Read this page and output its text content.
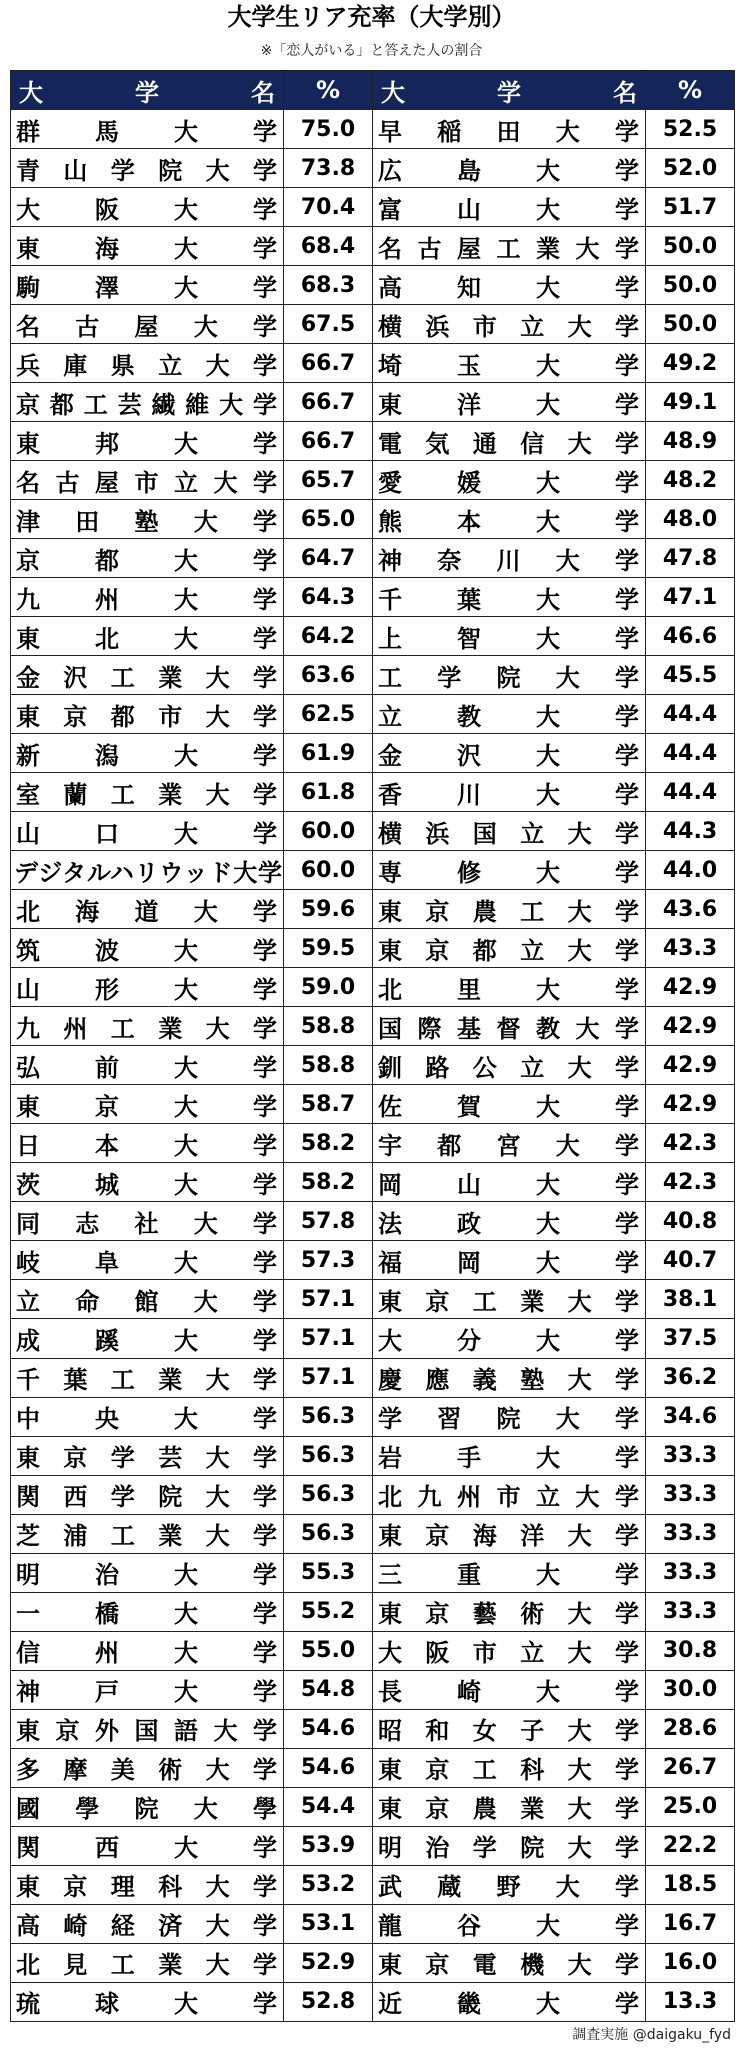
大学生リア充率（大学別）
※「恋人がいる」と答えた人の割合
大学名	%	大学名	%
群馬大学	75.0	早稲田大学	52.5
青山学院大学	73.8	広島大学	52.0
大阪大学	70.4	富山大学	51.7
東海大学	68.4	名古屋工業大学	50.0
駒澤大学	68.3	高知大学	50.0
名古屋大学	67.5	横浜市立大学	50.0
兵庫県立大学	66.7	埼玉大学	49.2
京都工芸繊維大学	66.7	東洋大学	49.1
東邦大学	66.7	電気通信大学	48.9
名古屋市立大学	65.7	愛媛大学	48.2
津田塾大学	65.0	熊本大学	48.0
京都大学	64.7	神奈川大学	47.8
九州大学	64.3	千葉大学	47.1
東北大学	64.2	上智大学	46.6
金沢工業大学	63.6	工学院大学	45.5
東京都市大学	62.5	立教大学	44.4
新潟大学	61.9	金沢大学	44.4
室蘭工業大学	61.8	香川大学	44.4
山口大学	60.0	横浜国立大学	44.3
デジタルハリウッド大学	60.0	専修大学	44.0
北海道大学	59.6	東京農工大学	43.6
筑波大学	59.5	東京都立大学	43.3
山形大学	59.0	北里大学	42.9
九州工業大学	58.8	国際基督教大学	42.9
弘前大学	58.8	釧路公立大学	42.9
東京大学	58.7	佐賀大学	42.9
日本大学	58.2	宇都宮大学	42.3
茨城大学	58.2	岡山大学	42.3
同志社大学	57.8	法政大学	40.8
岐阜大学	57.3	福岡大学	40.7
立命館大学	57.1	東京工業大学	38.1
成蹊大学	57.1	大分大学	37.5
千葉工業大学	57.1	慶應義塾大学	36.2
中央大学	56.3	学習院大学	34.6
東京学芸大学	56.3	岩手大学	33.3
関西学院大学	56.3	北九州市立大学	33.3
芝浦工業大学	56.3	東京海洋大学	33.3
明治大学	55.3	三重大学	33.3
一橋大学	55.2	東京藝術大学	33.3
信州大学	55.0	大阪市立大学	30.8
神戸大学	54.8	長崎大学	30.0
東京外国語大学	54.6	昭和女子大学	28.6
多摩美術大学	54.6	東京工科大学	26.7
國學院大學	54.4	東京農業大学	25.0
関西大学	53.9	明治学院大学	22.2
東京理科大学	53.2	武蔵野大学	18.5
高崎経済大学	53.1	龍谷大学	16.7
北見工業大学	52.9	東京電機大学	16.0
琉球大学	52.8	近畿大学	13.3
調査実施 @daigaku_fyd
